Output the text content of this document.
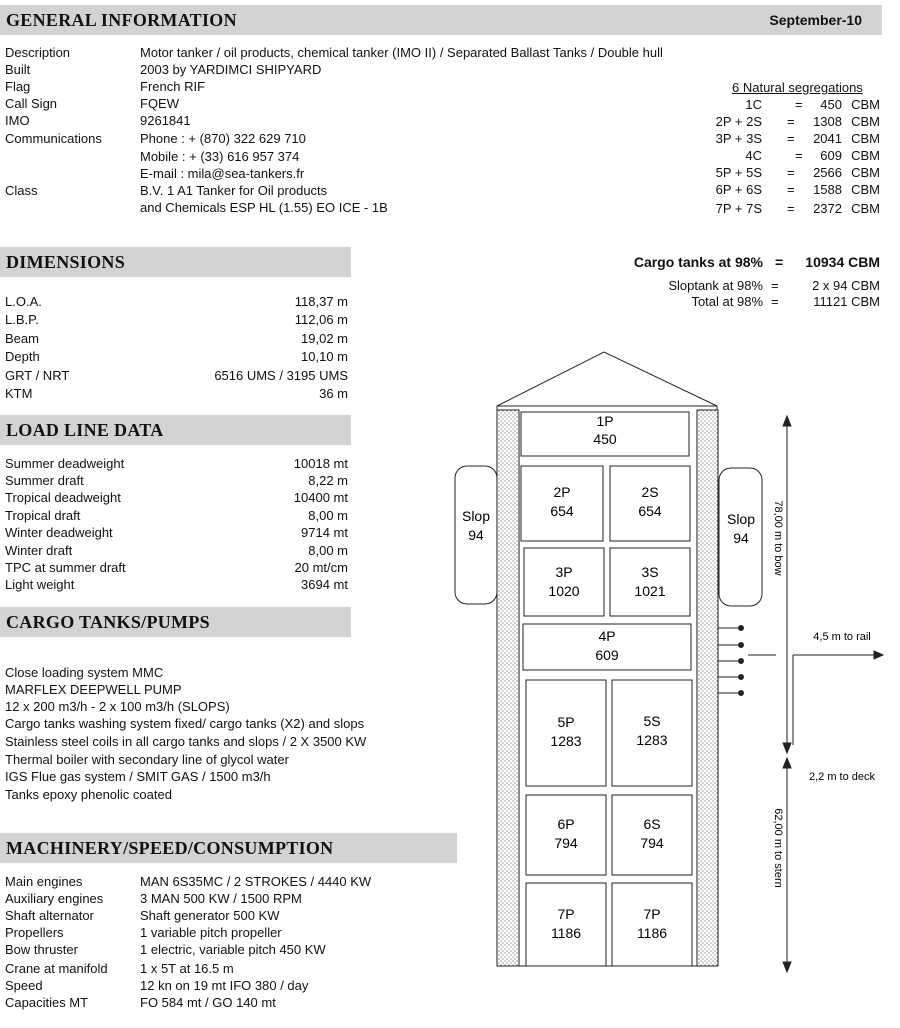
GENERAL INFORMATION	September-10
Description	Motor tanker / oil products, chemical tanker (IMO II) / Separated Ballast Tanks / Double hull
Built	2003 by YARDIMCI SHIPYARD
Flag	French RIF
Call Sign	FQEW
IMO	9261841
Communications	Phone : + (870) 322 629 710
Mobile : + (33) 616 957 374
E-mail : mila@sea-tankers.fr
Class	B.V. 1 A1 Tanker for Oil products
and Chemicals ESP HL (1.55) EO ICE - 1B
6 Natural segregations
1C	= 450 CBM
2P + 2S = 1308 CBM
3P + 3S = 2041 CBM
4C	= 609 CBM
5P + 5S = 2566 CBM
6P + 6S = 1588 CBM
7P + 7S = 2372 CBM
Cargo tanks at 98% = 10934 CBM
Sloptank at 98% =	2 x 94 CBM
Total at 98% =	11121 CBM
DIMENSIONS
L.O.A.	118,37 m
L.B.P.	112,06 m
Beam	19,02 m
Depth	10,10 m
GRT / NRT	6516 UMS / 3195 UMS
KTM	36 m
LOAD LINE DATA
Summer deadweight	10018 mt
Summer draft	8,22 m
Tropical deadweight	10400 mt
Tropical draft	8,00 m
Winter deadweight	9714 mt
Winter draft	8,00 m
TPC at summer draft	20 mt/cm
Light weight	3694 mt
CARGO TANKS/PUMPS
Close loading system MMC
MARFLEX DEEPWELL PUMP
12 x 200 m3/h - 2 x 100 m3/h (SLOPS)
Cargo tanks washing system fixed/ cargo tanks (X2) and slops
Stainless steel coils in all cargo tanks and slops / 2 X 3500 KW
Thermal boiler with secondary line of glycol water
IGS Flue gas system / SMIT GAS / 1500 m3/h
Tanks epoxy phenolic coated
MACHINERY/SPEED/CONSUMPTION
Main engines	MAN 6S35MC / 2 STROKES / 4440 KW
Auxiliary engines	3 MAN 500 KW / 1500 RPM
Shaft alternator	Shaft generator 500 KW
Propellers	1 variable pitch propeller
Bow thruster	1 electric, variable pitch 450 KW
Crane at manifold 1 x 5T at 16.5 m
Speed	12 kn on 19 mt IFO 380 / day
Capacities MT	FO 584 mt / GO 140 mt
1P
450
2P
654
2S
654
3P
1020
3S
1021
4P
609
5P
1283
5S
1283
6P
794
6S
794
7P
1186
7P
1186
Slop
94
Slop
94 78,00 m to bow
62,00 m to stern
4,5 m to rail
2,2 m to deck
